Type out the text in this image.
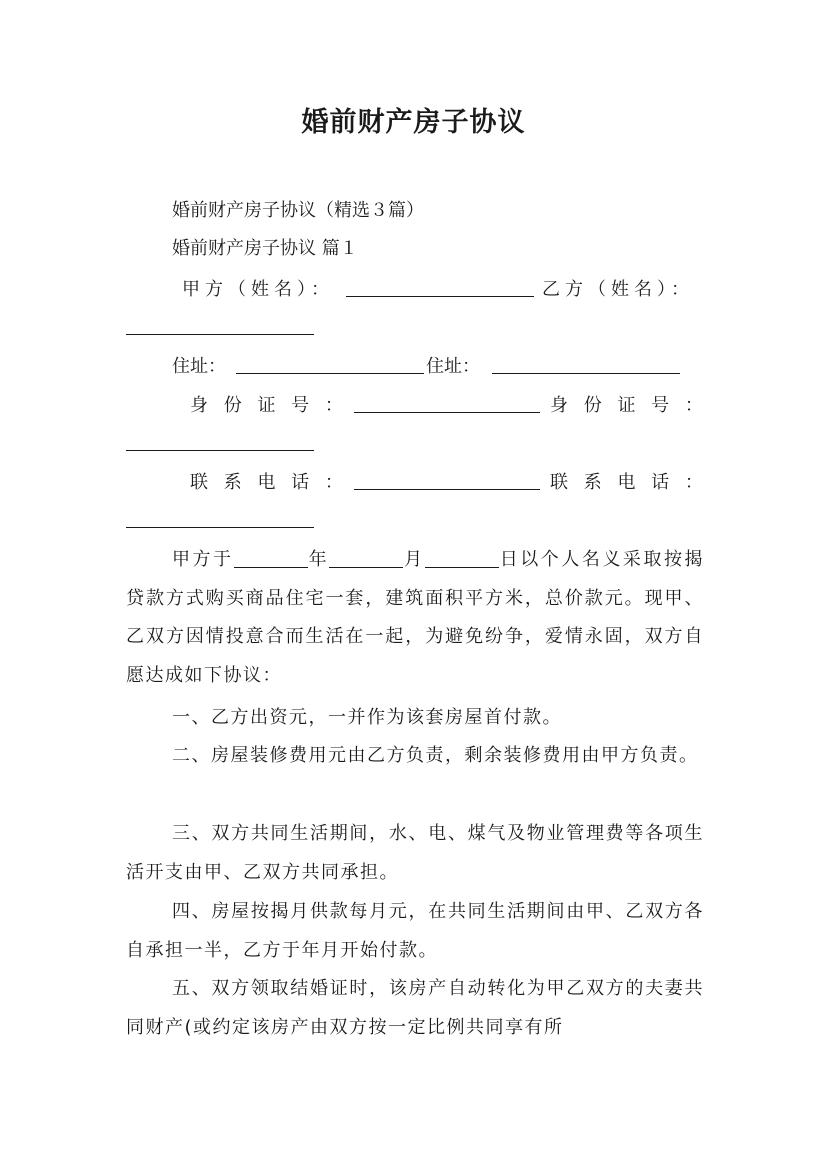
婚前财产房子协议
婚前财产房子协议（精选３篇）
婚前财产房子协议 篇１
甲方（姓名）：	乙方（姓名）：
住址：	住址：
身 份 证 号 ：	身 份 证 号 ：
联 系 电 话 ：	联 系 电 话 ：
甲方于	年	月	日以个人名义采取按揭贷款方式购买商品住宅一套，建筑面积平方米，总价款元。现甲、乙双方因情投意合而生活在一起，为避免纷争，爱情永固，双方自愿达成如下协议：
一、乙方出资元，一并作为该套房屋首付款。
二、房屋装修费用元由乙方负责，剩余装修费用由甲方负责。
三、双方共同生活期间，水、电、煤气及物业管理费等各项生活开支由甲、乙双方共同承担。
四、房屋按揭月供款每月元，在共同生活期间由甲、乙双方各自承担一半，乙方于年月开始付款。
五、双方领取结婚证时，该房产自动转化为甲乙双方的夫妻共同财产(或约定该房产由双方按一定比例共同享有所
